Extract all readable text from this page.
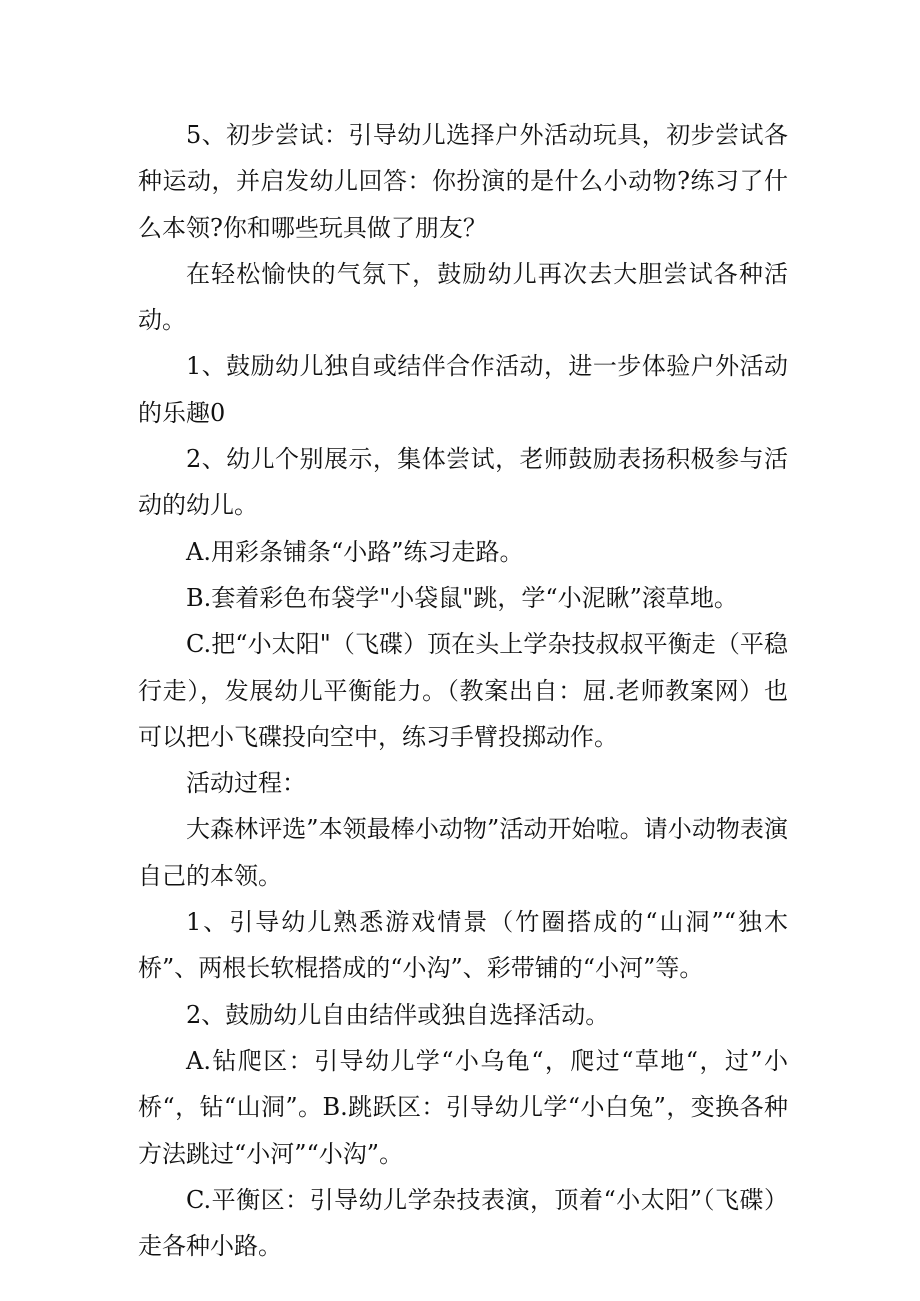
5、初步尝试：引导幼儿选择户外活动玩具，初步尝试各种运动，并启发幼儿回答：你扮演的是什么小动物?练习了什么本领?你和哪些玩具做了朋友？

在轻松愉快的气氛下，鼓励幼儿再次去大胆尝试各种活动。

1、鼓励幼儿独自或结伴合作活动，进一步体验户外活动的乐趣0

2、幼儿个别展示，集体尝试，老师鼓励表扬积极参与活动的幼儿。

A.用彩条铺条“小路”练习走路。

B.套着彩色布袋学"小袋鼠"跳，学“小泥瞅”滚草地。

C.把“小太阳"（飞碟）顶在头上学杂技叔叔平衡走（平稳行走），发展幼儿平衡能力。（教案出自：屈.老师教案网）也可以把小飞碟投向空中，练习手臂投掷动作。

活动过程：

大森林评选”本领最棒小动物”活动开始啦。请小动物表演自己的本领。

1、引导幼儿熟悉游戏情景（竹圈搭成的“山洞”“独木桥”、两根长软棍搭成的“小沟”、彩带铺的“小河”等。

2、鼓励幼儿自由结伴或独自选择活动。

A.钻爬区：引导幼儿学“小乌龟“，爬过“草地“，过”小桥“，钻“山洞”。B.跳跃区：引导幼儿学“小白兔”，变换各种方法跳过“小河”“小沟”。

C.平衡区：引导幼儿学杂技表演，顶着“小太阳”（飞碟）走各种小路。
